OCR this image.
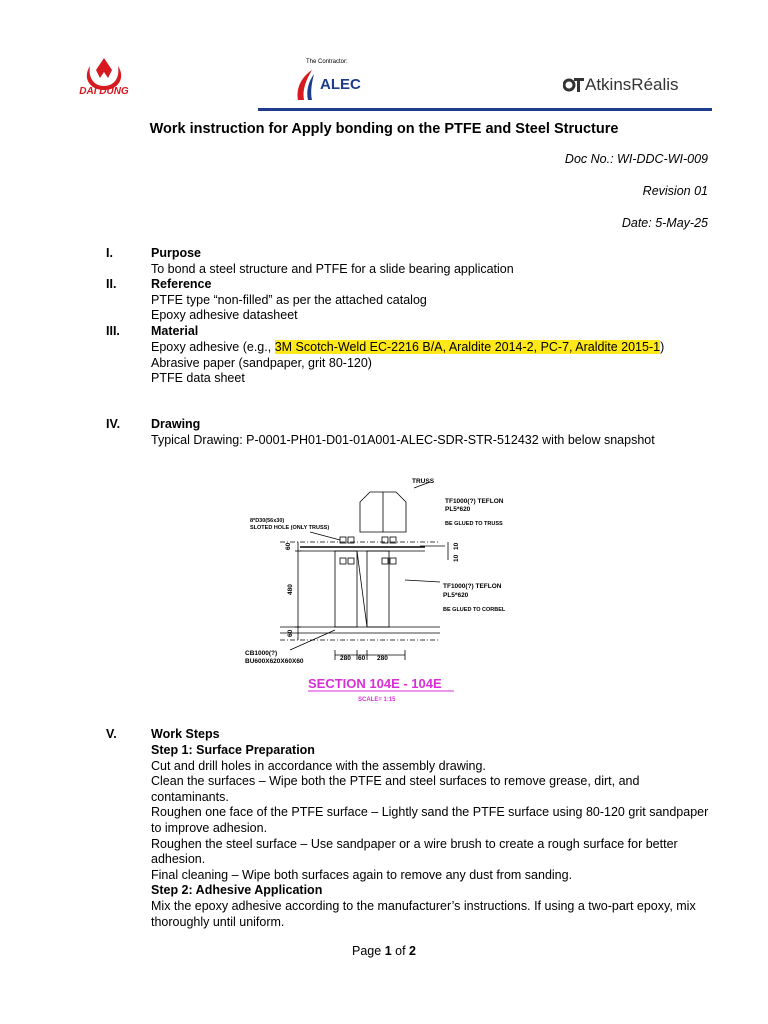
DAI DUNG
The Contractor:
ALEC	AtkinsRéalis
Work instruction for Apply bonding on the PTFE and Steel Structure
Doc No.: WI-DDC-WI-009
Revision 01
Date: 5-May-25
I.	Purpose
To bond a steel structure and PTFE for a slide bearing application
II.	Reference
PTFE type “non-filled” as per the attached catalog
Epoxy adhesive datasheet
III. Material
Epoxy adhesive (e.g., 3M Scotch-Weld EC-2216 B/A, Araldite 2014-2, PC-7, Araldite 2015-1)
Abrasive paper (sandpaper, grit 80-120)
PTFE data sheet
IV. Drawing
Typical Drawing: P-0001-PH01-D01-01A001-ALEC-SDR-STR-512432 with below snapshot
TRUSS
8*D30(56x30)
SLOTED HOLE (ONLY TRUSS)
TF1000(?) TEFLON
PL5*620
BE GLUED TO TRUSS
TF1000(?) TEFLON
PL5*620
BE GLUED TO CORBEL
CB1000(?)
BU600X620X60X60
60
480
60
10
10
280 60 280
SECTION 104E - 104E
SCALE= 1:15
V.	Work Steps

Step 1: Surface Preparation

Cut and drill holes in accordance with the assembly drawing.

Clean the surfaces – Wipe both the PTFE and steel surfaces to remove grease, dirt, and contaminants.

Roughen one face of the PTFE surface – Lightly sand the PTFE surface using 80-120 grit sandpaper to improve adhesion.

Roughen the steel surface – Use sandpaper or a wire brush to create a rough surface for better adhesion.

Final cleaning – Wipe both surfaces again to remove any dust from sanding.

Step 2: Adhesive Application

Mix the epoxy adhesive according to the manufacturer’s instructions. If using a two-part epoxy, mix thoroughly until uniform.

Page 1 of 2
